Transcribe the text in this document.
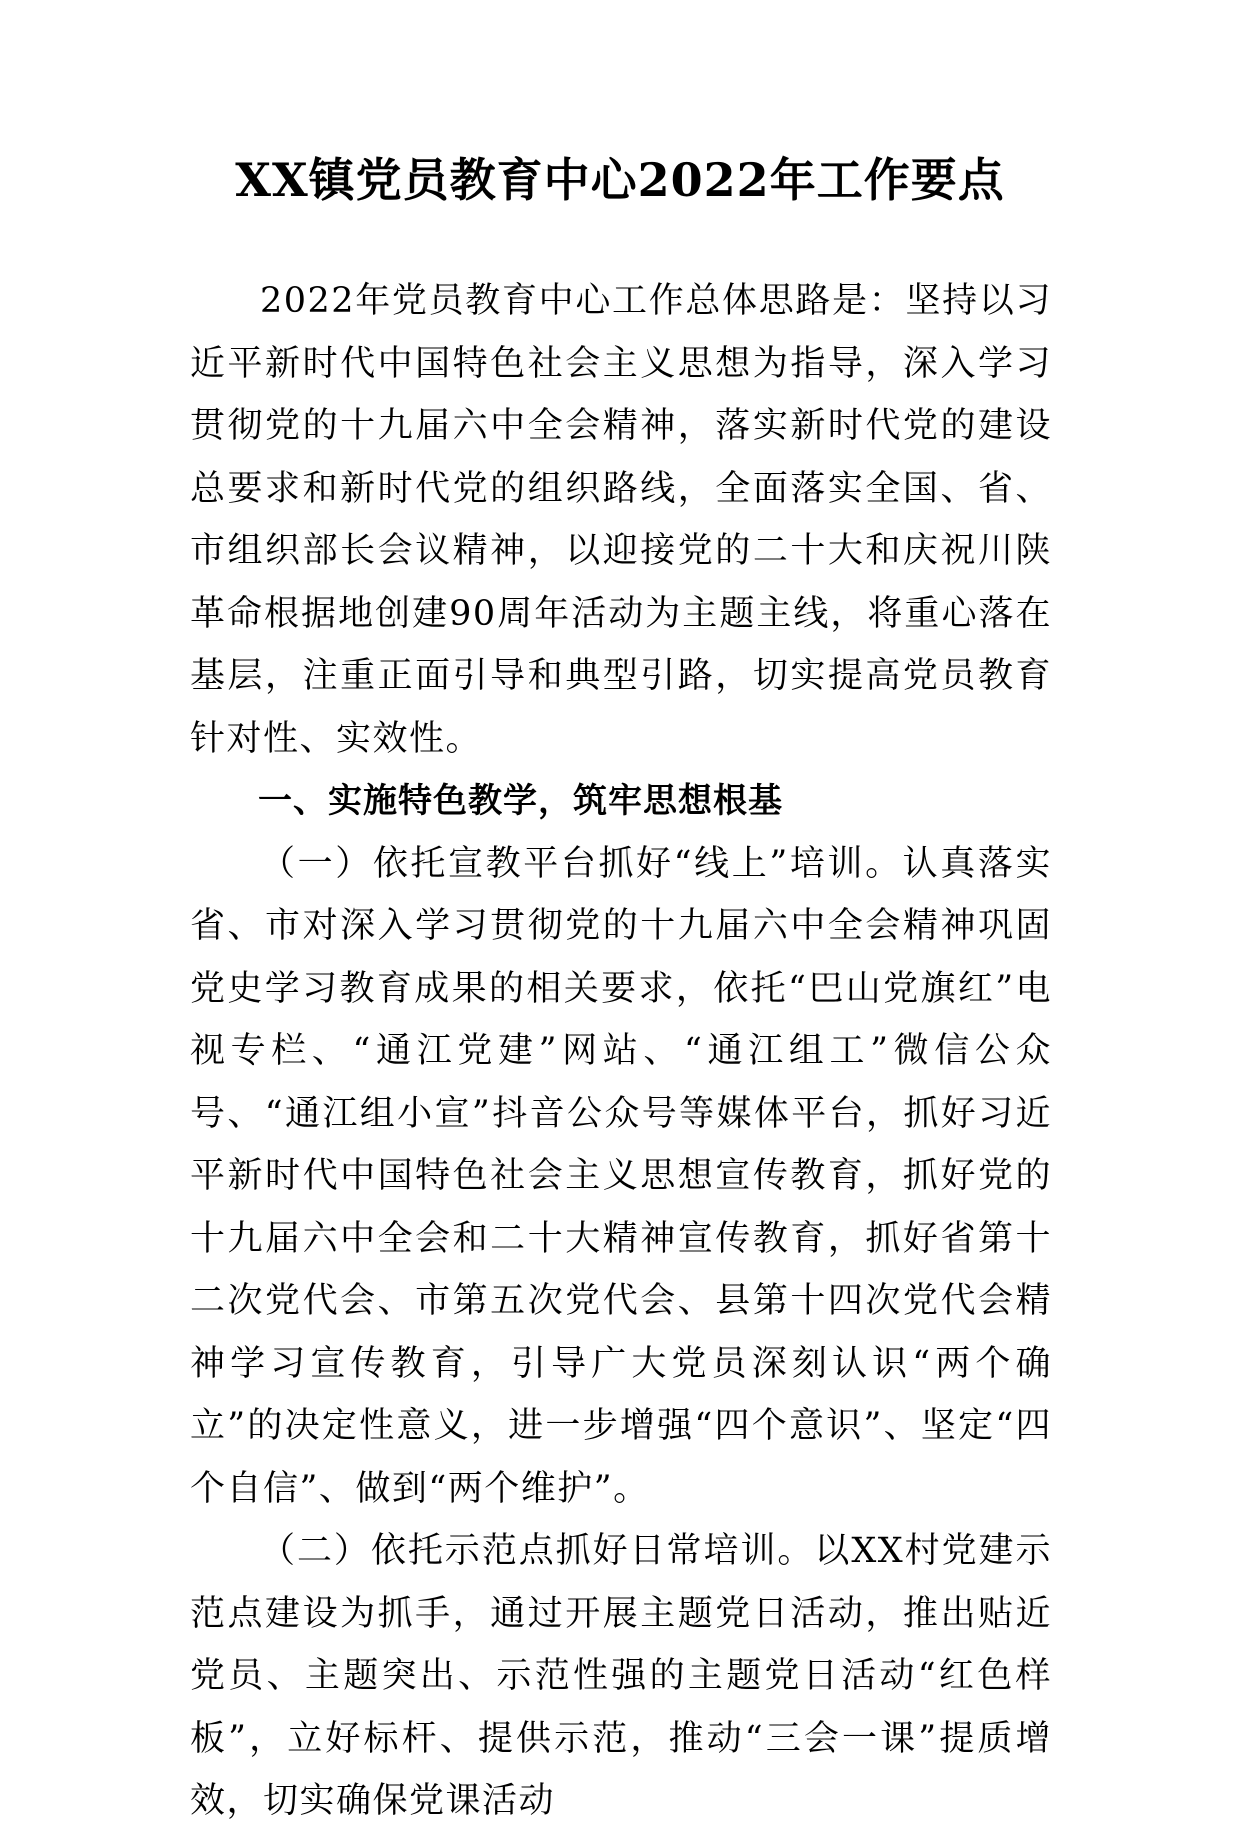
XX镇党员教育中心2022年工作要点

2022年党员教育中心工作总体思路是：坚持以习近平新时代中国特色社会主义思想为指导，深入学习贯彻党的十九届六中全会精神，落实新时代党的建设总要求和新时代党的组织路线，全面落实全国、省、市组织部长会议精神，以迎接党的二十大和庆祝川陕革命根据地创建90周年活动为主题主线，将重心落在基层，注重正面引导和典型引路，切实提高党员教育针对性、实效性。

一、实施特色教学，筑牢思想根基

（一）依托宣教平台抓好“线上”培训。认真落实省、市对深入学习贯彻党的十九届六中全会精神巩固党史学习教育成果的相关要求，依托“巴山党旗红”电视专栏、“通江党建”网站、“通江组工”微信公众号、“通江组小宣”抖音公众号等媒体平台，抓好习近平新时代中国特色社会主义思想宣传教育，抓好党的十九届六中全会和二十大精神宣传教育，抓好省第十二次党代会、市第五次党代会、县第十四次党代会精神学习宣传教育，引导广大党员深刻认识“两个确立”的决定性意义，进一步增强“四个意识”、坚定“四个自信”、做到“两个维护”。

（二）依托示范点抓好日常培训。以XX村党建示范点建设为抓手，通过开展主题党日活动，推出贴近党员、主题突出、示范性强的主题党日活动“红色样板”，立好标杆、提供示范，推动“三会一课”提质增效，切实确保党课活动
